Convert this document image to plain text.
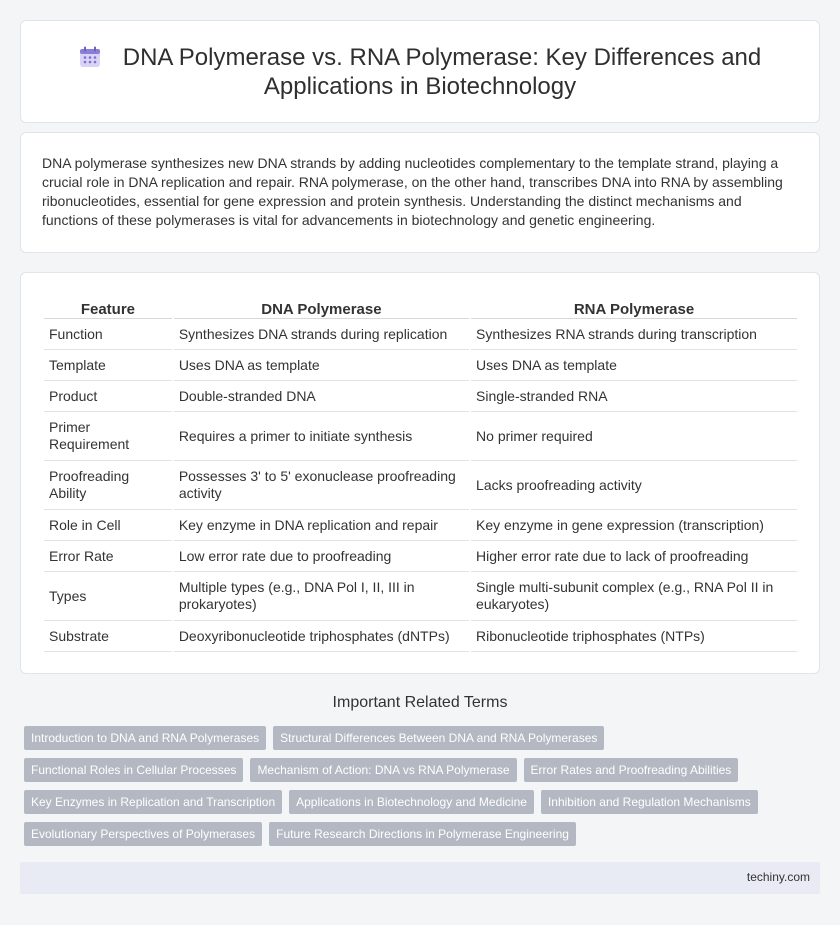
DNA Polymerase vs. RNA Polymerase: Key Differences and Applications in Biotechnology

DNA polymerase synthesizes new DNA strands by adding nucleotides complementary to the template strand, playing a crucial role in DNA replication and repair. RNA polymerase, on the other hand, transcribes DNA into RNA by assembling ribonucleotides, essential for gene expression and protein synthesis. Understanding the distinct mechanisms and functions of these polymerases is vital for advancements in biotechnology and genetic engineering.

Feature	DNA Polymerase	RNA Polymerase
Function	Synthesizes DNA strands during replication	Synthesizes RNA strands during transcription
Template	Uses DNA as template	Uses DNA as template
Product	Double-stranded DNA	Single-stranded RNA
Primer Requirement	Requires a primer to initiate synthesis	No primer required
Proofreading Ability	Possesses 3' to 5' exonuclease proofreading activity	Lacks proofreading activity
Role in Cell	Key enzyme in DNA replication and repair	Key enzyme in gene expression (transcription)
Error Rate	Low error rate due to proofreading	Higher error rate due to lack of proofreading
Types	Multiple types (e.g., DNA Pol I, II, III in prokaryotes)	Single multi-subunit complex (e.g., RNA Pol II in eukaryotes)
Substrate	Deoxyribonucleotide triphosphates (dNTPs)	Ribonucleotide triphosphates (NTPs)
Important Related Terms
Introduction to DNA and RNA Polymerases	Structural Differences Between DNA and RNA Polymerases
Functional Roles in Cellular Processes	Mechanism of Action: DNA vs RNA Polymerase	Error Rates and Proofreading Abilities
Key Enzymes in Replication and Transcription	Applications in Biotechnology and Medicine	Inhibition and Regulation Mechanisms
Evolutionary Perspectives of Polymerases	Future Research Directions in Polymerase Engineering
techiny.com
